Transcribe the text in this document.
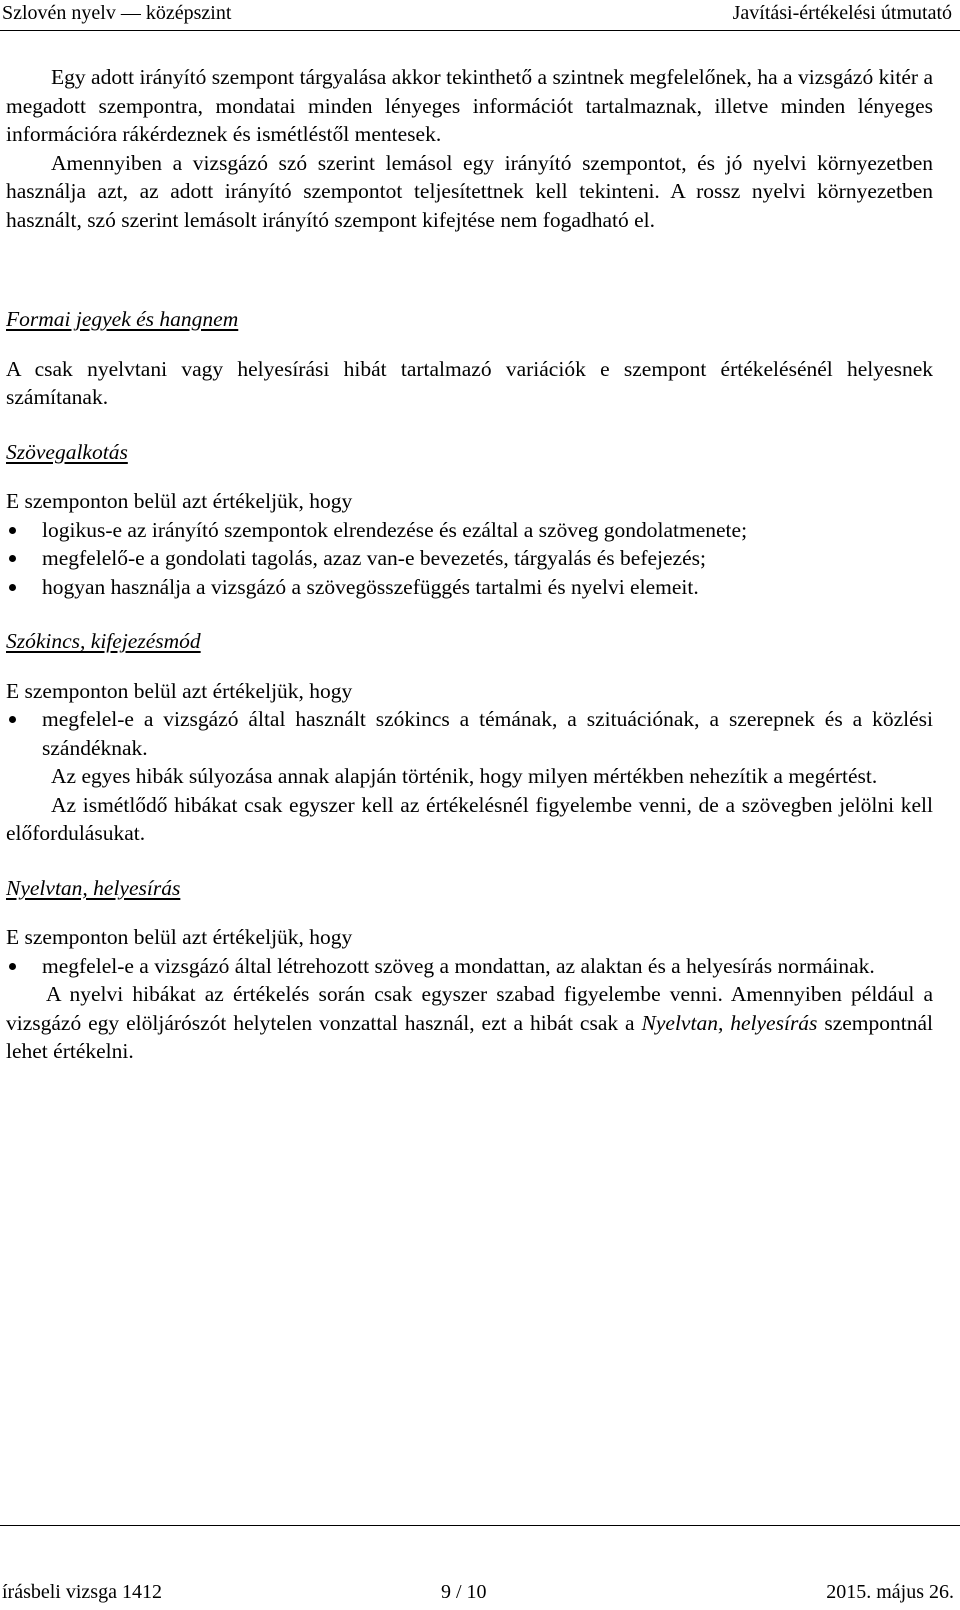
Szlovén nyelv — középszint	Javítási-értékelési útmutató

Egy adott irányító szempont tárgyalása akkor tekinthető a szintnek megfelelőnek, ha a vizsgázó kitér a megadott szempontra, mondatai minden lényeges információt tartalmaznak, illetve minden lényeges információra rákérdeznek és ismétléstől mentesek.

Amennyiben a vizsgázó szó szerint lemásol egy irányító szempontot, és jó nyelvi környezetben használja azt, az adott irányító szempontot teljesítettnek kell tekinteni. A rossz nyelvi környezetben használt, szó szerint lemásolt irányító szempont kifejtése nem fogadható el.

Formai jegyek és hangnem

A csak nyelvtani vagy helyesírási hibát tartalmazó variációk e szempont értékelésénél helyesnek számítanak.

Szövegalkotás

E szemponton belül azt értékeljük, hogy

logikus-e az irányító szempontok elrendezése és ezáltal a szöveg gondolatmenete;
megfelelő-e a gondolati tagolás, azaz van-e bevezetés, tárgyalás és befejezés;
hogyan használja a vizsgázó a szövegösszefüggés tartalmi és nyelvi elemeit.

Szókincs, kifejezésmód

E szemponton belül azt értékeljük, hogy

megfelel-e a vizsgázó által használt szókincs a témának, a szituációnak, a szerepnek és a közlési szándéknak.

Az egyes hibák súlyozása annak alapján történik, hogy milyen mértékben nehezítik a megértést.

Az ismétlődő hibákat csak egyszer kell az értékelésnél figyelembe venni, de a szövegben jelölni kell előfordulásukat.

Nyelvtan, helyesírás

E szemponton belül azt értékeljük, hogy

megfelel-e a vizsgázó által létrehozott szöveg a mondattan, az alaktan és a helyesírás normáinak.

A nyelvi hibákat az értékelés során csak egyszer szabad figyelembe venni. Amennyiben például a vizsgázó egy elöljárószót helytelen vonzattal használ, ezt a hibát csak a Nyelvtan, helyesírás szempontnál lehet értékelni.

írásbeli vizsga 1412	9 / 10	2015. május 26.
